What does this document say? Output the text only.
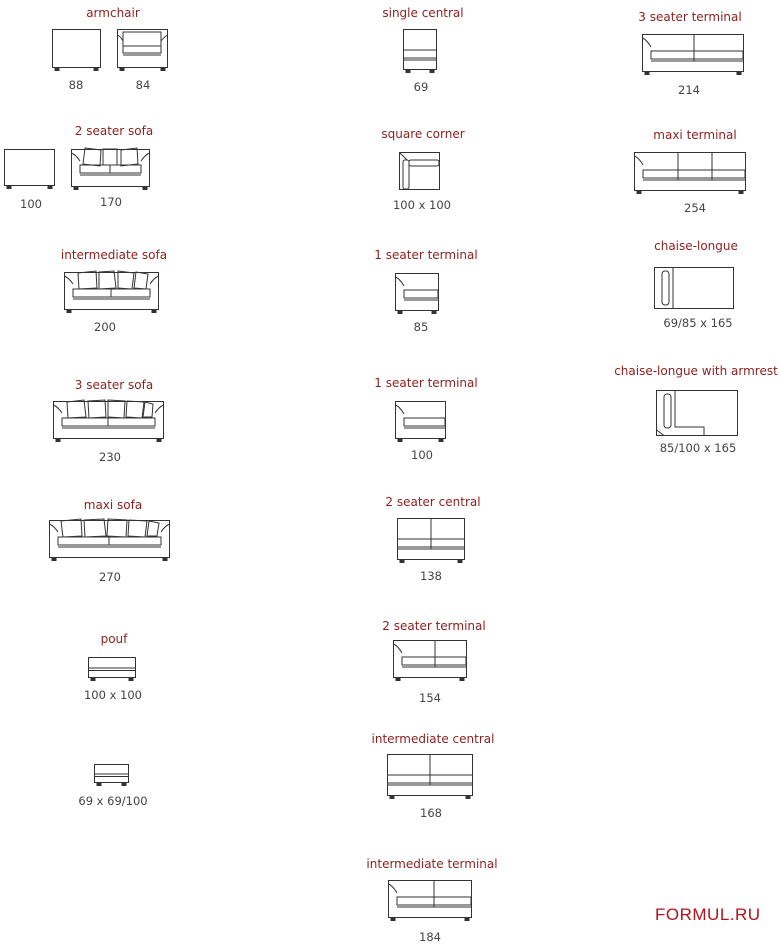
armchair
88	84
2 seater sofa
100	170
intermediate sofa
200
3 seater sofa
230
maxi sofa
270
pouf
100 x 100
69 x 69/100
single central
69
square corner
100 x 100
1 seater terminal
85
1 seater terminal
100
2 seater central
138
2 seater terminal
154
intermediate central
168
intermediate terminal
184
3 seater terminal
214
maxi terminal
254
chaise-longue
69/85 x 165
chaise-longue with armrest
85/100 x 165
FORMUL.RU
